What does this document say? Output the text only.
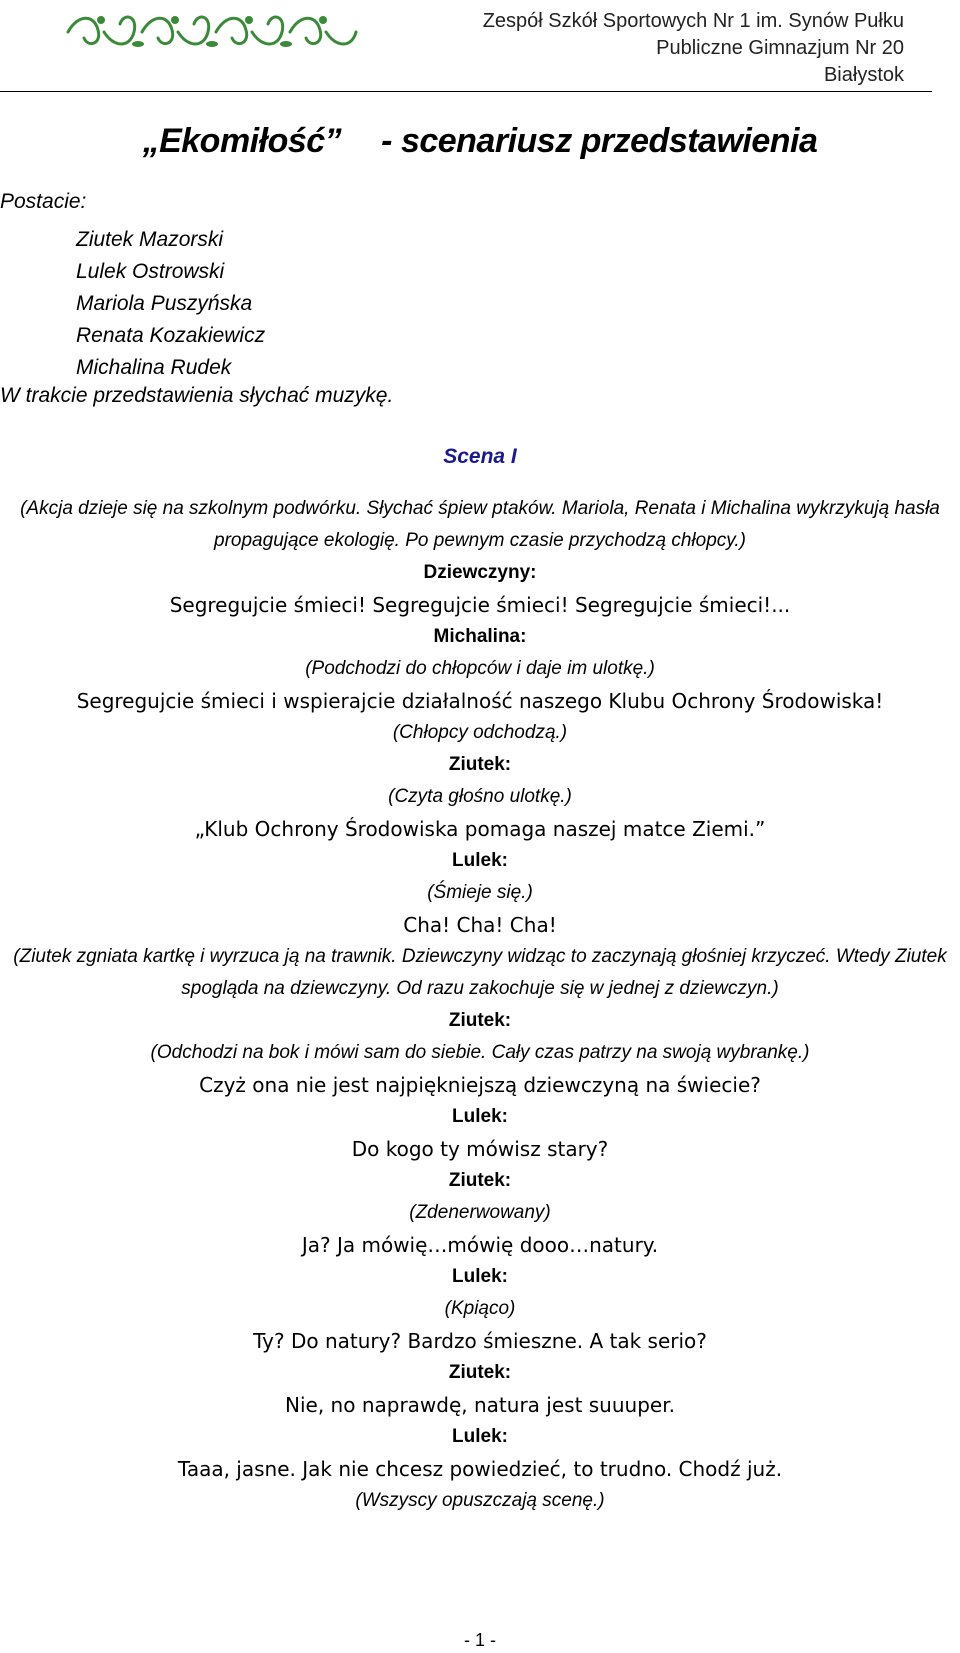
Zespół Szkół Sportowych Nr 1 im. Synów Pułku
Publiczne Gimnazjum Nr 20
Białystok
„Ekomiłość” - scenariusz przedstawienia
Postacie:
Ziutek Mazorski
Lulek Ostrowski
Mariola Puszyńska
Renata Kozakiewicz
Michalina Rudek
W trakcie przedstawienia słychać muzykę.

Scena I

(Akcja dzieje się na szkolnym podwórku. Słychać śpiew ptaków. Mariola, Renata i Michalina wykrzykują hasła propagujące ekologię. Po pewnym czasie przychodzą chłopcy.)

Dziewczyny:

Segregujcie śmieci! Segregujcie śmieci! Segregujcie śmieci!...

Michalina:

(Podchodzi do chłopców i daje im ulotkę.)

Segregujcie śmieci i wspierajcie działalność naszego Klubu Ochrony Środowiska!

(Chłopcy odchodzą.)

Ziutek:

(Czyta głośno ulotkę.)

„Klub Ochrony Środowiska pomaga naszej matce Ziemi.”

Lulek:

(Śmieje się.)

Cha! Cha! Cha!

(Ziutek zgniata kartkę i wyrzuca ją na trawnik. Dziewczyny widząc to zaczynają głośniej krzyczeć. Wtedy Ziutek spogląda na dziewczyny. Od razu zakochuje się w jednej z dziewczyn.)

Ziutek:

(Odchodzi na bok i mówi sam do siebie. Cały czas patrzy na swoją wybrankę.)

Czyż ona nie jest najpiękniejszą dziewczyną na świecie?

Lulek:

Do kogo ty mówisz stary?

Ziutek:

(Zdenerwowany)

Ja? Ja mówię…mówię dooo…natury.

Lulek:

(Kpiąco)

Ty? Do natury? Bardzo śmieszne. A tak serio?

Ziutek:

Nie, no naprawdę, natura jest suuuper.

Lulek:

Taaa, jasne. Jak nie chcesz powiedzieć, to trudno. Chodź już.

(Wszyscy opuszczają scenę.)

- 1 -
